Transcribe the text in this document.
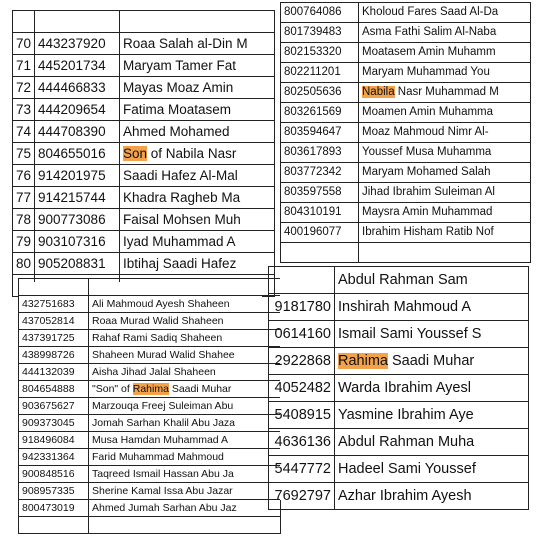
70	443237920	Roaa Salah al-Din M
71	445201734	Maryam Tamer Fat
72	444466833	Mayas Moaz Amin
73	444209654	Fatima Moatasem
74	444708390	Ahmed Mohamed
75	804655016	Son of Nabila Nasr
76	914201975	Saadi Hafez Al-Mal
77	914215744	Khadra Ragheb Ma
78	900773086	Faisal Mohsen Muh
79	903107316	Iyad Muhammad A
80	905208831	Ibtihaj Saadi Hafez

800764086	Kholoud Fares Saad Al-Da
801739483	Asma Fathi Salim Al-Naba
802153320	Moatasem Amin Muhamm
802211201	Maryam Muhammad You
802505636	Nabila Nasr Muhammad M
803261569	Moamen Amin Muhamma
803594647	Moaz Mahmoud Nimr Al-
803617893	Youssef Musa Muhamma
803772342	Maryam Mohamed Salah
803597558	Jihad Ibrahim Suleiman Al
804310191	Maysra Amin Muhammad
400196077	Ibrahim Hisham Ratib Nof

432751683	Ali Mahmoud Ayesh Shaheen
437052814	Roaa Murad Walid Shaheen
437391725	Rahaf Rami Sadiq Shaheen
438998726	Shaheen Murad Walid Shahee
444132039	Aisha Jihad Jalal Shaheen
804654888	"Son" of Rahima Saadi Muhar
903675627	Marzouqa Freej Suleiman Abu
909373045	Jomah Sarhan Khalil Abu Jaza
918496084	Musa Hamdan Muhammad A
942331364	Farid Muhammad Mahmoud
900848516	Taqreed Ismail Hassan Abu Ja
908957335	Sherine Kamal Issa Abu Jazar
800473019	Ahmed Jumah Sarhan Abu Jaz

	Abdul Rahman Sam
9181780	Inshirah Mahmoud A
0614160	Ismail Sami Youssef S
2922868	Rahima Saadi Muhar
4052482	Warda Ibrahim Ayesl
5408915	Yasmine Ibrahim Aye
4636136	Abdul Rahman Muha
5447772	Hadeel Sami Youssef
7692797	Azhar Ibrahim Ayesh
